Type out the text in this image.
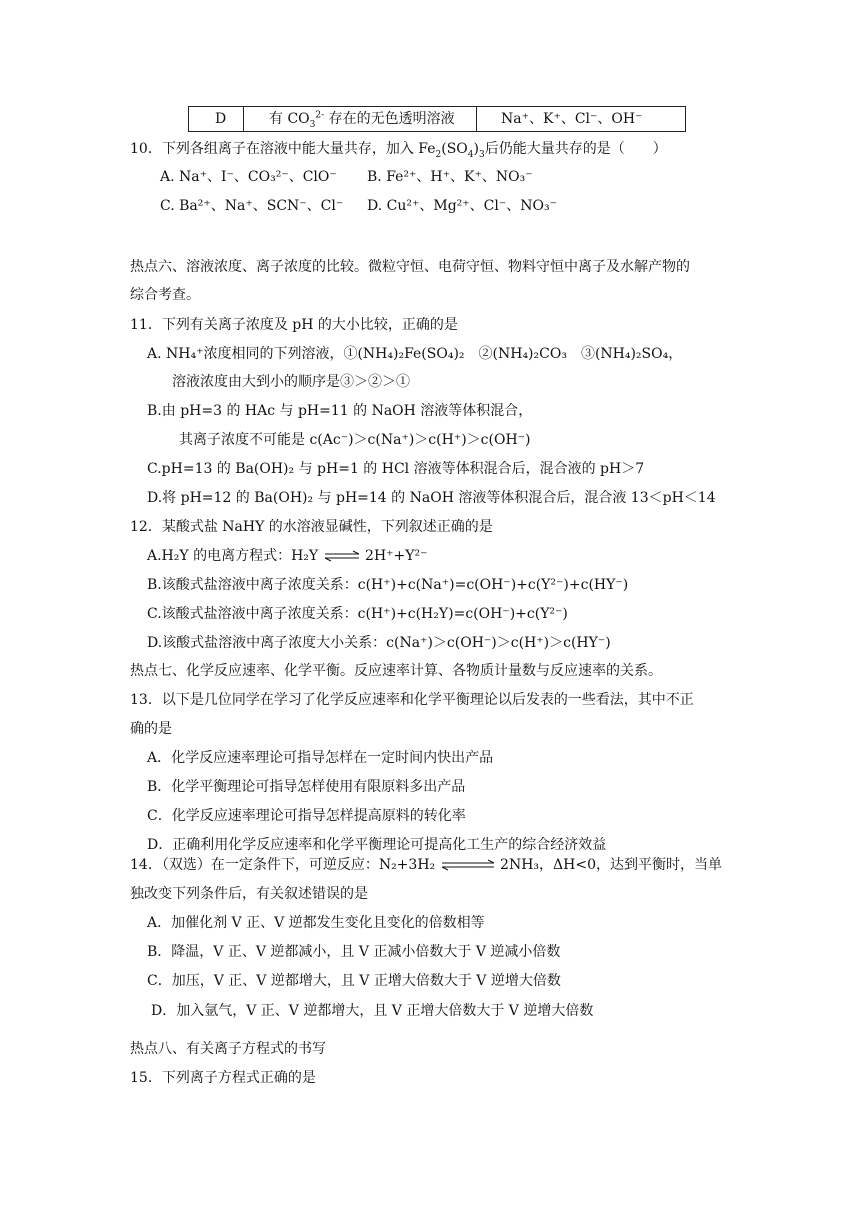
D	有 $CO_3^{2-}$ 存在的无色透明溶液	Na⁺、K⁺、Cl⁻、OH⁻
10．下列各组离子在溶液中能大量共存，加入 $Fe_2(SO_4)_3$后仍能大量共存的是（　　）
A. Na⁺、I⁻、CO₃²⁻、ClO⁻ B. Fe²⁺、H⁺、K⁺、NO₃⁻
C. Ba²⁺、Na⁺、SCN⁻、Cl⁻ D. Cu²⁺、Mg²⁺、Cl⁻、NO₃⁻
热点六、溶液浓度、离子浓度的比较。微粒守恒、电荷守恒、物料守恒中离子及水解产物的
综合考查。
11．下列有关离子浓度及 pH 的大小比较，正确的是
A. NH₄⁺浓度相同的下列溶液，①(NH₄)₂Fe(SO₄)₂　②(NH₄)₂CO₃　③(NH₄)₂SO₄，
溶液浓度由大到小的顺序是③＞②＞①
B.由 pH=3 的 HAc 与 pH=11 的 NaOH 溶液等体积混合，
其离子浓度不可能是 c(Ac⁻)＞c(Na⁺)＞c(H⁺)＞c(OH⁻)
C.pH=13 的 Ba(OH)₂ 与 pH=1 的 HCl 溶液等体积混合后，混合液的 pH＞7
D.将 pH=12 的 Ba(OH)₂ 与 pH=14 的 NaOH 溶液等体积混合后，混合液 13＜pH＜14
12．某酸式盐 NaHY 的水溶液显碱性，下列叙述正确的是
A.H₂Y 的电离方程式：H₂Y ⇌ 2H⁺+Y²⁻
B.该酸式盐溶液中离子浓度关系：c(H⁺)+c(Na⁺)=c(OH⁻)+c(Y²⁻)+c(HY⁻)
C.该酸式盐溶液中离子浓度关系：c(H⁺)+c(H₂Y)=c(OH⁻)+c(Y²⁻)
D.该酸式盐溶液中离子浓度大小关系：c(Na⁺)＞c(OH⁻)＞c(H⁺)＞c(HY⁻)
热点七、化学反应速率、化学平衡。反应速率计算、各物质计量数与反应速率的关系。
13．以下是几位同学在学习了化学反应速率和化学平衡理论以后发表的一些看法，其中不正
确的是
A．化学反应速率理论可指导怎样在一定时间内快出产品
B．化学平衡理论可指导怎样使用有限原料多出产品
C．化学反应速率理论可指导怎样提高原料的转化率
D．正确利用化学反应速率和化学平衡理论可提高化工生产的综合经济效益
14．（双选）在一定条件下，可逆反应：N₂+3H₂ ⇌ 2NH₃，ΔH<0，达到平衡时，当单
独改变下列条件后，有关叙述错误的是
A．加催化剂 V 正、V 逆都发生变化且变化的倍数相等
B．降温，V 正、V 逆都减小，且 V 正减小倍数大于 V 逆减小倍数
C．加压，V 正、V 逆都增大，且 V 正增大倍数大于 V 逆增大倍数
D．加入氩气，V 正、V 逆都增大，且 V 正增大倍数大于 V 逆增大倍数
热点八、有关离子方程式的书写
15．下列离子方程式正确的是
